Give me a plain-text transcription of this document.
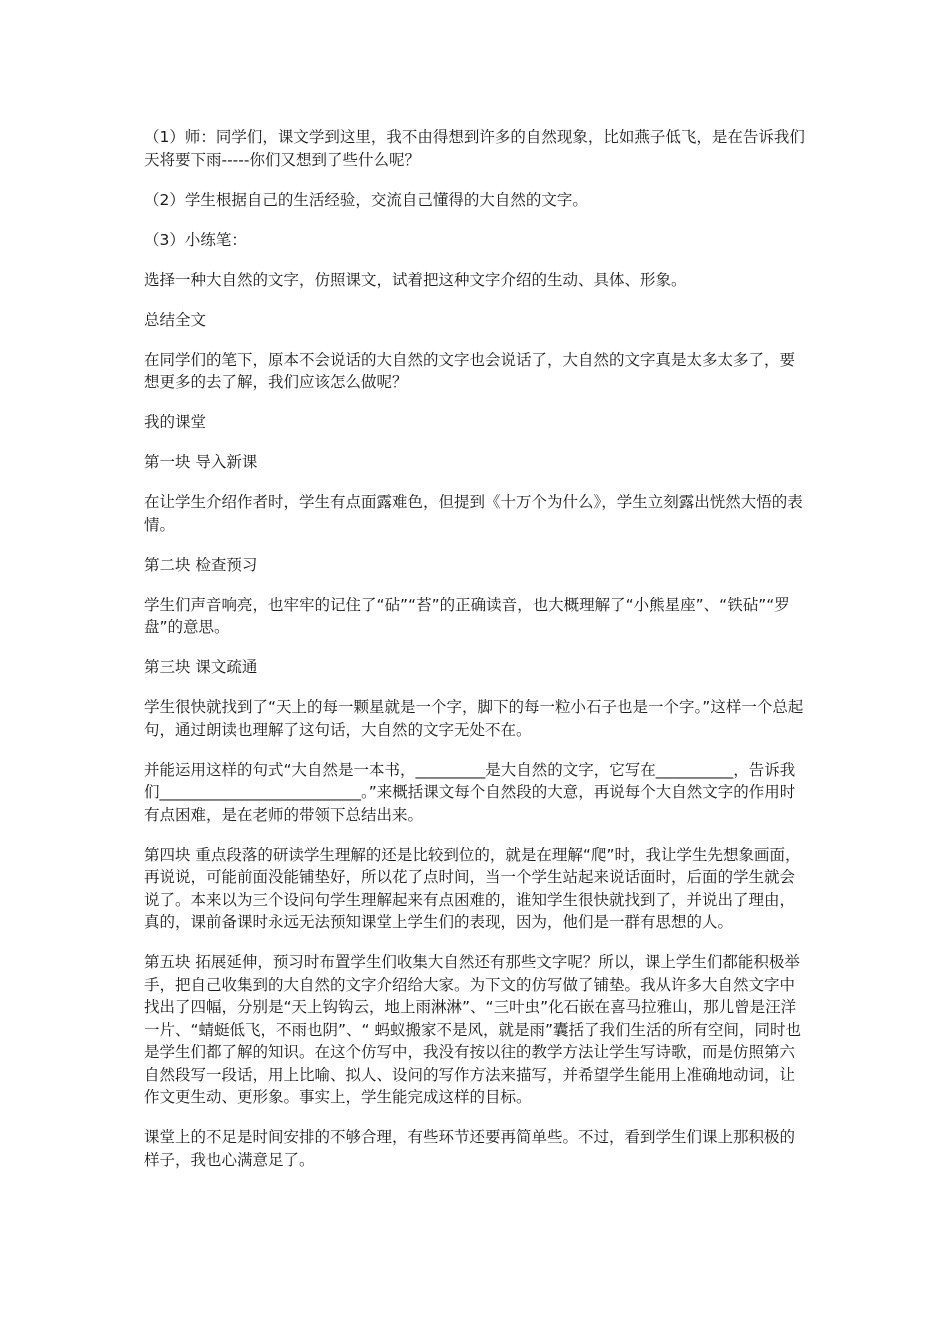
（1）师：同学们，课文学到这里，我不由得想到许多的自然现象，比如燕子低飞，是在告诉我们天将要下雨-----你们又想到了些什么呢？

（2）学生根据自己的生活经验，交流自己懂得的大自然的文字。

（3）小练笔：

选择一种大自然的文字，仿照课文，试着把这种文字介绍的生动、具体、形象。

总结全文

在同学们的笔下，原本不会说话的大自然的文字也会说话了，大自然的文字真是太多太多了，要想更多的去了解，我们应该怎么做呢？

我的课堂

第一块 导入新课

在让学生介绍作者时，学生有点面露难色，但提到《十万个为什么》，学生立刻露出恍然大悟的表情。

第二块 检查预习

学生们声音响亮，也牢牢的记住了“砧”“苔”的正确读音，也大概理解了“小熊星座”、“铁砧”“罗盘”的意思。

第三块 课文疏通

学生很快就找到了“天上的每一颗星就是一个字，脚下的每一粒小石子也是一个字。”这样一个总起句，通过朗读也理解了这句话，大自然的文字无处不在。

并能运用这样的句式“大自然是一本书，_________是大自然的文字，它写在__________，告诉我们__________________________。”来概括课文每个自然段的大意，再说每个大自然文字的作用时有点困难，是在老师的带领下总结出来。

第四块 重点段落的研读学生理解的还是比较到位的，就是在理解“爬”时，我让学生先想象画面，再说说，可能前面没能铺垫好，所以花了点时间，当一个学生站起来说话面时，后面的学生就会说了。本来以为三个设问句学生理解起来有点困难的，谁知学生很快就找到了，并说出了理由，真的，课前备课时永远无法预知课堂上学生们的表现，因为，他们是一群有思想的人。

第五块 拓展延伸，预习时布置学生们收集大自然还有那些文字呢？所以，课上学生们都能积极举手，把自己收集到的大自然的文字介绍给大家。为下文的仿写做了铺垫。我从许多大自然文字中找出了四幅，分别是“天上钩钩云，地上雨淋淋”、“三叶虫”化石嵌在喜马拉雅山，那儿曾是汪洋一片、“蜻蜓低飞，不雨也阴”、“ 蚂蚁搬家不是风，就是雨”囊括了我们生活的所有空间，同时也是学生们都了解的知识。在这个仿写中，我没有按以往的教学方法让学生写诗歌，而是仿照第六自然段写一段话，用上比喻、拟人、设问的写作方法来描写，并希望学生能用上准确地动词，让作文更生动、更形象。事实上，学生能完成这样的目标。

课堂上的不足是时间安排的不够合理，有些环节还要再简单些。不过，看到学生们课上那积极的样子，我也心满意足了。
